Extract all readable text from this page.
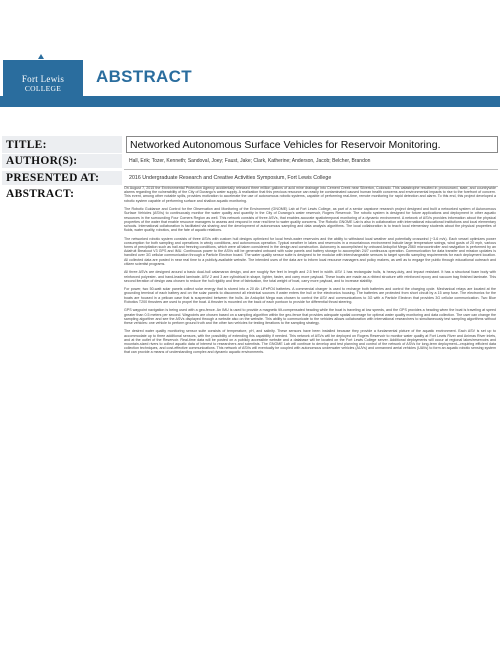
Fort Lewis
COLLEGE
ABSTRACT
TITLE:	Networked Autonomous Surface Vehicles for Reservoir Monitoring.
AUTHOR(S):	Hall, Erik; Tozer, Kenneth; Sandoval, Joey; Faust, Jake; Clark, Katherine; Anderson, Jacob; Belcher, Brandon
PRESENTED AT:	2016 Undergraduate Research and Creative Activities Symposium, Fort Lewis College
ABSTRACT:	On August 7, 2015 the Environmental Protection Agency accidentally released three million gallons of acid mine drainage into Cement Creek near Silverton, Colorado. This catastrophe resulted in pronounced, state, and countrywide alarms regarding the vulnerability of the City of Durango's water supply. A realization that this precious resource can easily be contaminated caused human health concerns and environmental impacts to rise to the forefront of concern. This event, among other notable spills, provides motivation to accelerate the use of autonomous robotic systems, capable of performing real-time, remote monitoring for rapid detection and alarm. To this end, this project developed a robotic system capable of performing surface and shallow aquatic monitoring.

The Robotic Guidance and Control for the Observation and Monitoring of the Environment (GNOME) Lab at Fort Lewis College, as part of a senior capstone research project designed and built a networked system of Autonomous Surface Vehicles (ASVs) to continuously monitor the water quality and quantity in the City of Durango's water reservoir, Rogers Reservoir. The robotic system is designed for future applications and deployment in other aquatic resources in the surrounding Four Corners Region as well. This network consists of three ASVs, that enables accurate spatiotemporal monitoring of a dynamic environment. A network of ASVs provides information about the physical properties of the water that enable resource managers to assess and respond in near real time to water quality concerns. The Robotic GNOME Lab is also in collaboration with international educational institutions and local elementary schools. International collaboration is facilitated via sharing and the development of autonomous sampling and data analysis algorithms. The local collaboration is to teach local elementary students about the physical properties of fluids, water quality, robotics, and the fate of aquatic relations.

The networked robotic system consists of three ASVs with custom hull designs optimized for local fresh-water reservoirs and the ability to withstand local weather and potentially crosswind (~3-6 m/s). Each vessel optimizes power consumption for both sampling and operations in windy conditions, and autonomous operation. Typical weather in lakes and reservoirs in a mountainous environment include large temperature swings, wind gusts of 20 mph, various forms of precipitation such as hail and freezing conditions, which were all taken considered in the design and construction. Autonomy is accomplished by onboard Ardupilot Mega 2560 microcontroller and navigation is performed by an Adafruit Breakout V3 GPS and IMU. Continuous power to the ASVs will be generated onboard with solar panels and battery storage to accomplish 24/7 continuous operation. Communication for data transfer and mission updates is handled over 3G cellular communication through a Particle Electron board. The water quality sensor suite is designed to be modular with interchangeable sensors to target specific sampling requirements for each deployment location. All collected data are posted in near real time to a publicly-available website. The intended uses of the data are to inform local resource managers and policy makers, as well as to engage the public through educational outreach and citizen scientist programs.

All three ASVs are designed around a basic dual-hull catamaran design, and are roughly five feet in length and 2.5 feet in width. ASV 1 has rectangular hulls, is heavy-duty, and impact resistant. It has a structural foam body with reinforced polyester- and hand-leaded laminate. ASV 2 and 3 are cylindrical in shape, lighter, faster, and carry more payload. These boats are made as a ribbed structure with reinforced epoxy and vacuum bag finished laminate. This second iteration of design was chosen to reduce the hull rigidity and time of fabrication, the total weight of boat, carry more payload, and to increase stability.

For power, two 50-watt solar panels collect solar energy that is stored into a 20 Ah LiFePO4 batteries. A commercial charger is used to recharge both batteries and control the charging cycle. Mechanical relays are located at the grounding terminal of each battery and on the solar panels to disconnect all electrical sources if water enters the hull or the electronics housing. The batteries are protected from short circuit by a 15 amp fuse. The electronics for the boats are housed in a pelican case that is suspended between the hulls. An Ardupilot Mega was chosen to control the ASV and communications to 3G with a Particle Electron that provides 3G cellular communication. Two Blue Robotics T200 thrusters are used to propel the boat. A thruster is mounted on the back of each pontoon to provide for differential thrust steering.

GPS waypoint navigation is being used with a geo-fence. An IMU is used to provide a magnetic tilt-compensated heading while the boat is traveling at low speeds, and the GPS provides a heading when the boat is traveling at speed greater than 0.5 meters per second. Waypoints are chosen based on a sampling algorithm within the geo-fence that provides adequate spatial coverage for optimal water quality monitoring and data collection. The user can change the sampling algorithm and see the ASVs displayed through a website also on the website. This ability to communicate to the vehicles allows collaboration with international researchers to simultaneously test sampling algorithms without these vehicles: one vehicle to perform ground truth and the other two vehicles for testing iterations to the sampling strategy.

The desired water quality monitoring sensor suite consists of temperature, pH, and salinity. These sensors have been installed because they provide a fundamental picture of the aquatic environment. Each ASV is set up to accommodate up to three additional sensors, with the possibility of extending this capability if needed. This network of ASVs will be deployed on Rogers Reservoir to monitor water quality at Fort Lewis River and Animas River inlets, and at the outlet of the Reservoir. Real-time data will be posted on a publicly accessible website and a database will be located on the Fort Lewis College server. Additional deployments will occur at regional lakes/reservoirs and mountain-sized rivers to collect aquatic data of interest to researchers and scientists. The GNOME Lab will continue to develop and test planning and control of the network of ASVs for long-term deployment—requiring efficient data collection techniques, and cost-effective communications. This network of ASVs will eventually be coupled with autonomous underwater vehicles (AUVs) and unmanned aerial vehicles (UAVs) to form an aquatic robotic sensing system that can provide a means of understanding complex and dynamic aquatic environments.
